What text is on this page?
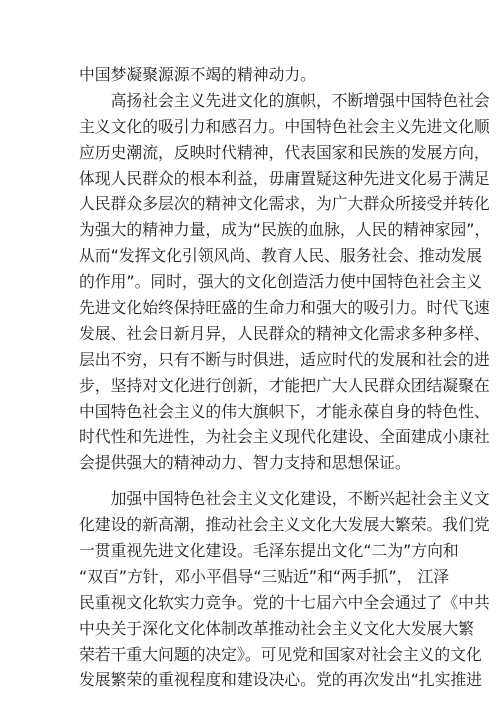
中国梦凝聚源源不竭的精神动力。
　　高扬社会主义先进文化的旗帜，不断增强中国特色社会
主义文化的吸引力和感召力。中国特色社会主义先进文化顺
应历史潮流，反映时代精神，代表国家和民族的发展方向，
体现人民群众的根本利益，毋庸置疑这种先进文化易于满足
人民群众多层次的精神文化需求，为广大群众所接受并转化
为强大的精神力量，成为“民族的血脉，人民的精神家园”，
从而“发挥文化引领风尚、教育人民、服务社会、推动发展
的作用”。同时，强大的文化创造活力使中国特色社会主义
先进文化始终保持旺盛的生命力和强大的吸引力。时代飞速
发展、社会日新月异，人民群众的精神文化需求多种多样、
层出不穷，只有不断与时俱进，适应时代的发展和社会的进
步，坚持对文化进行创新，才能把广大人民群众团结凝聚在
中国特色社会主义的伟大旗帜下，才能永葆自身的特色性、
时代性和先进性，为社会主义现代化建设、全面建成小康社
会提供强大的精神动力、智力支持和思想保证。
　　加强中国特色社会主义文化建设，不断兴起社会主义文
化建设的新高潮，推动社会主义文化大发展大繁荣。我们党
一贯重视先进文化建设。毛泽东提出文化“二为”方向和
“双百”方针，邓小平倡导“三贴近”和“两手抓”， 江泽
民重视文化软实力竞争。党的十七届六中全会通过了《中共
中央关于深化文化体制改革推动社会主义文化大发展大繁
荣若干重大问题的决定》。可见党和国家对社会主义的文化
发展繁荣的重视程度和建设决心。党的再次发出“扎实推进
